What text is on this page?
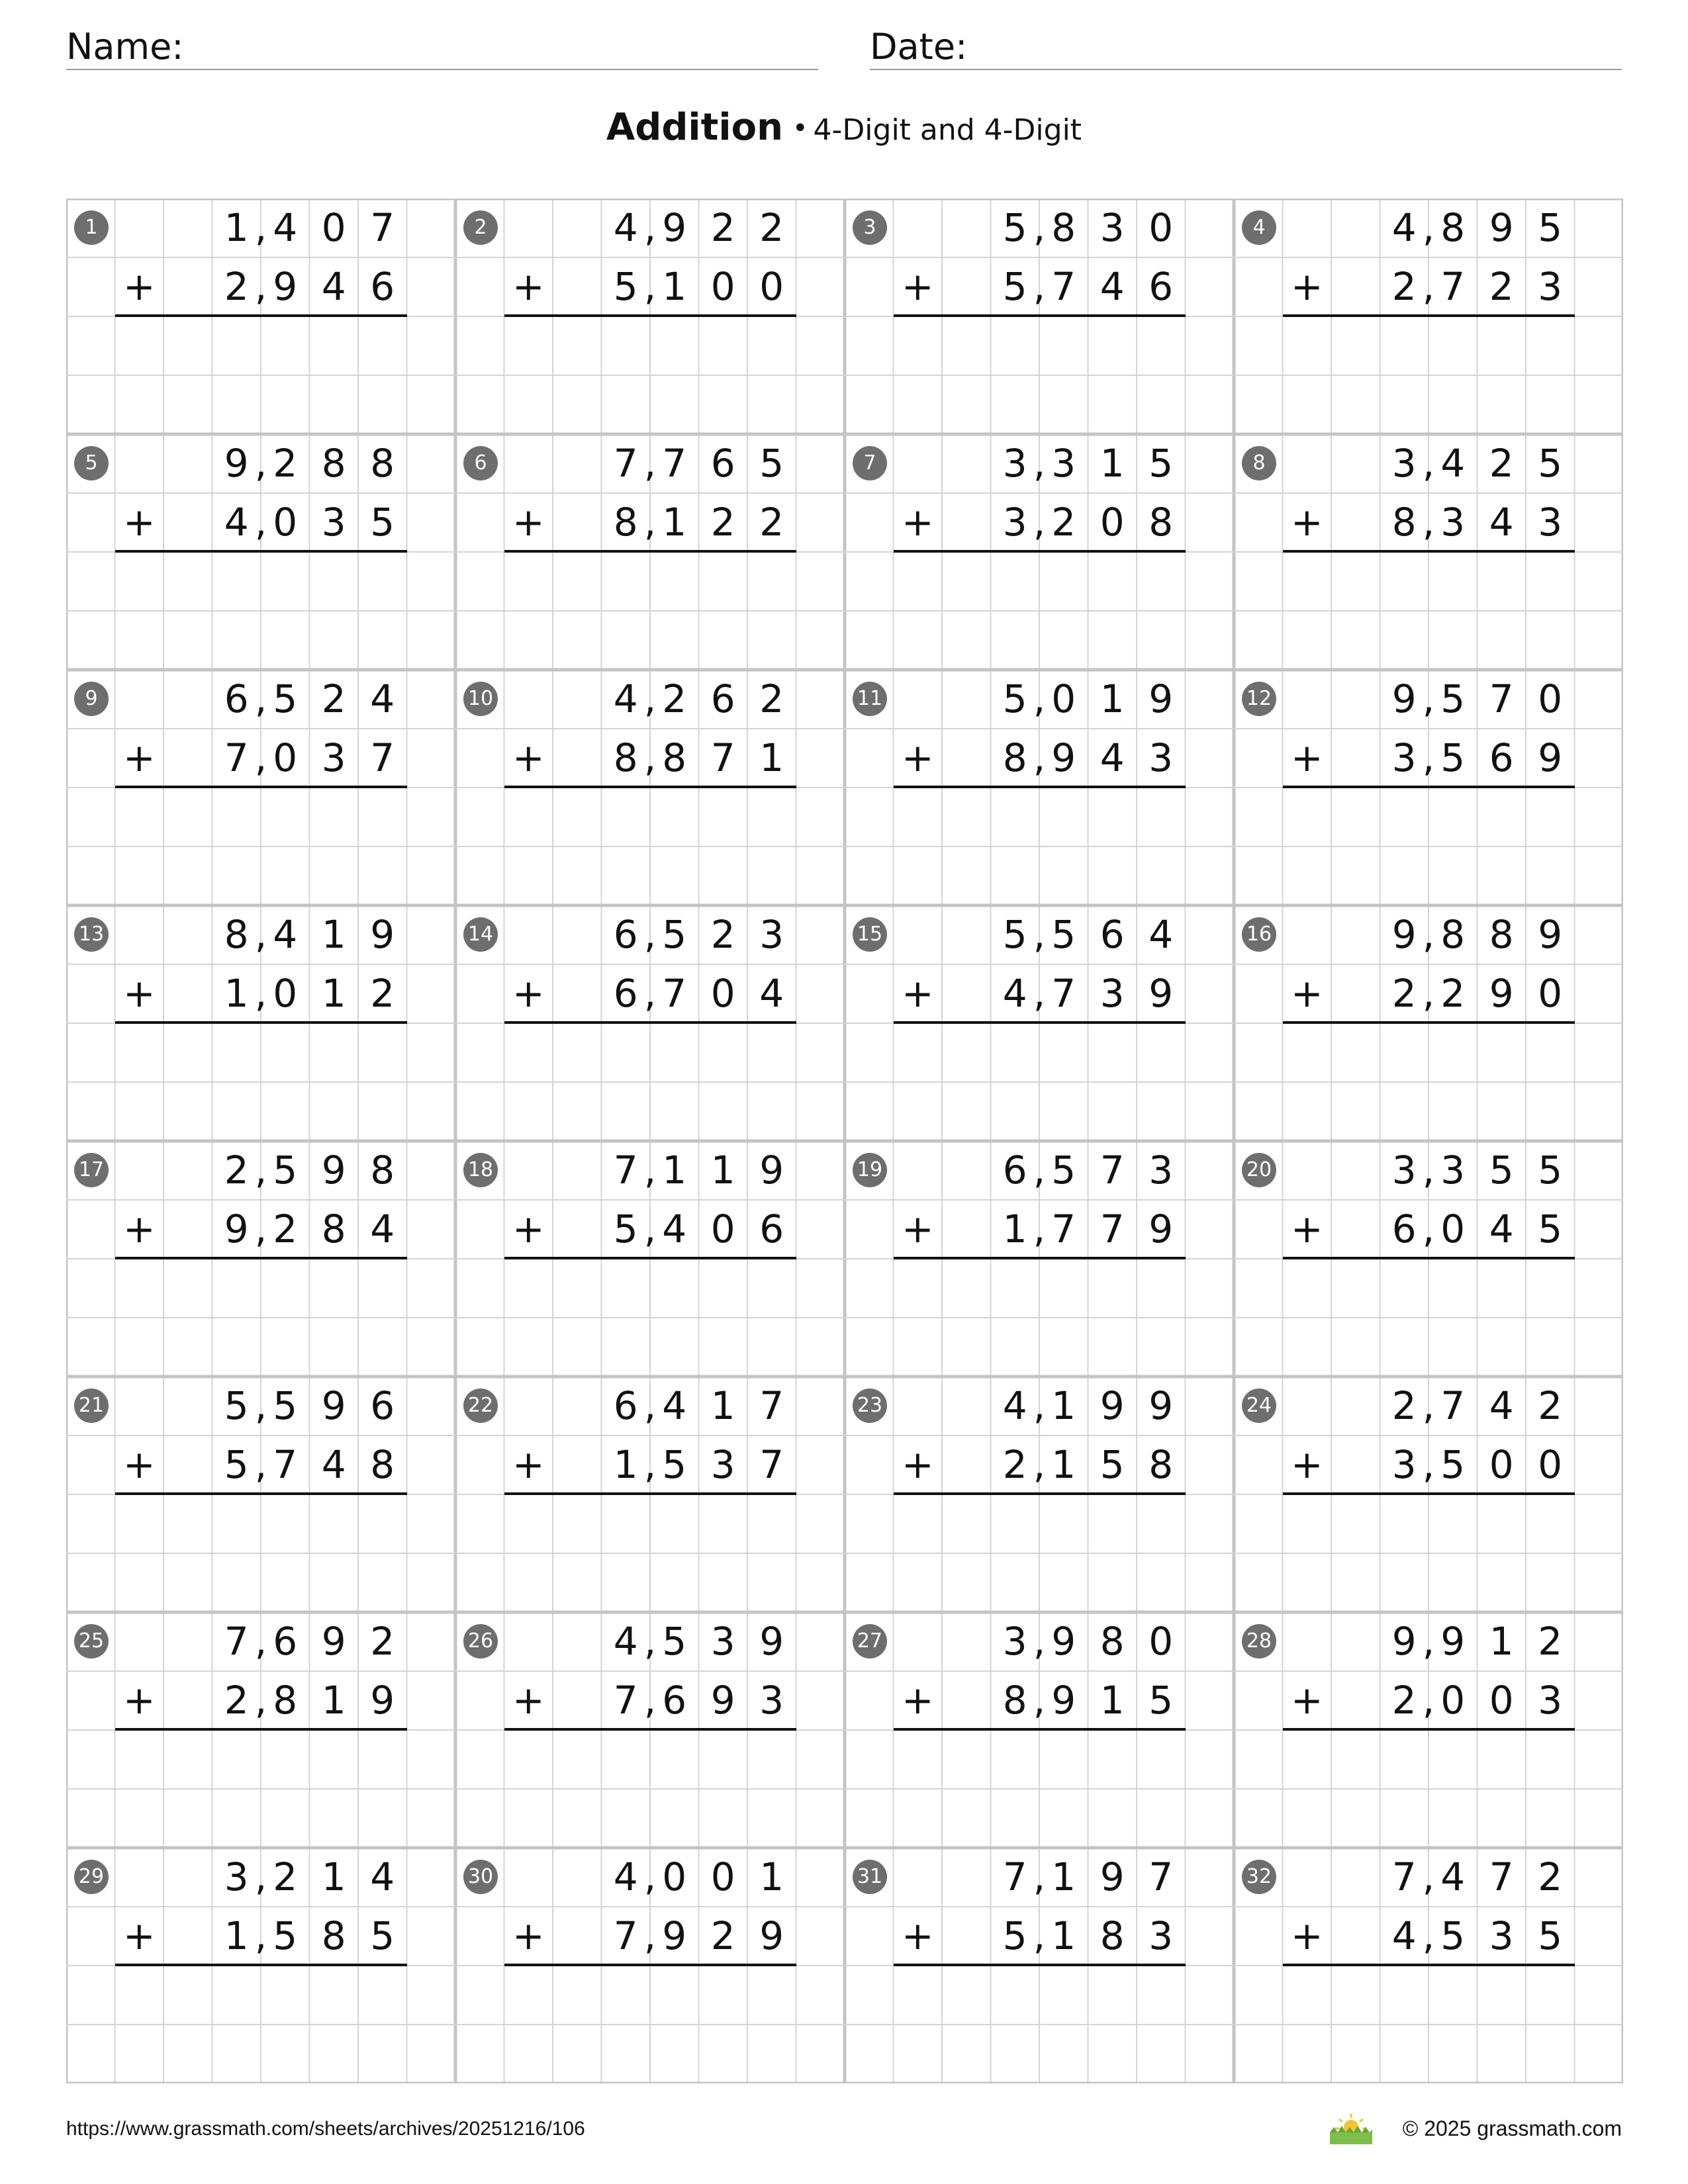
Name:	Date:
Addition • 4-Digit and 4-Digit
1	1 4 0 7
,
2 9 4 6
,
+
2	4 9 2 2
,
5 1 0 0
,
+
3	5 8 3 0
,
5 7 4 6
,
+
4	4 8 9 5
,
2 7 2 3
,
+
5	9 2 8 8
,
4 0 3 5
,
+
6	7 7 6 5
,
8 1 2 2
,
+
7	3 3 1 5
,
3 2 0 8
,
+
8	3 4 2 5
,
8 3 4 3
,
+
9	6 5 2 4
,
7 0 3 7
,
+
10	4 2 6 2
,
8 8 7 1
,
+
11	5 0 1 9
,
8 9 4 3
,
+
12	9 5 7 0
,
3 5 6 9
,
+
13	8 4 1 9
,
1 0 1 2
,
+
14	6 5 2 3
,
6 7 0 4
,
+
15	5 5 6 4
,
4 7 3 9
,
+
16	9 8 8 9
,
2 2 9 0
,
+
17	2 5 9 8
,
9 2 8 4
,
+
18	7 1 1 9
,
5 4 0 6
,
+
19	6 5 7 3
,
1 7 7 9
,
+
20	3 3 5 5
,
6 0 4 5
,
+
21	5 5 9 6
,
5 7 4 8
,
+
22	6 4 1 7
,
1 5 3 7
,
+
23	4 1 9 9
,
2 1 5 8
,
+
24	2 7 4 2
,
3 5 0 0
,
+
25	7 6 9 2
,
2 8 1 9
,
+
26	4 5 3 9
,
7 6 9 3
,
+
27	3 9 8 0
,
8 9 1 5
,
+
28	9 9 1 2
,
2 0 0 3
,
+
29	3 2 1 4
,
1 5 8 5
,
+
30	4 0 0 1
,
7 9 2 9
,
+
31	7 1 9 7
,
5 1 8 3
,
+
32	7 4 7 2
,
4 5 3 5
,
+
https://www.grassmath.com/sheets/archives/20251216/106	© 2025 grassmath.com
